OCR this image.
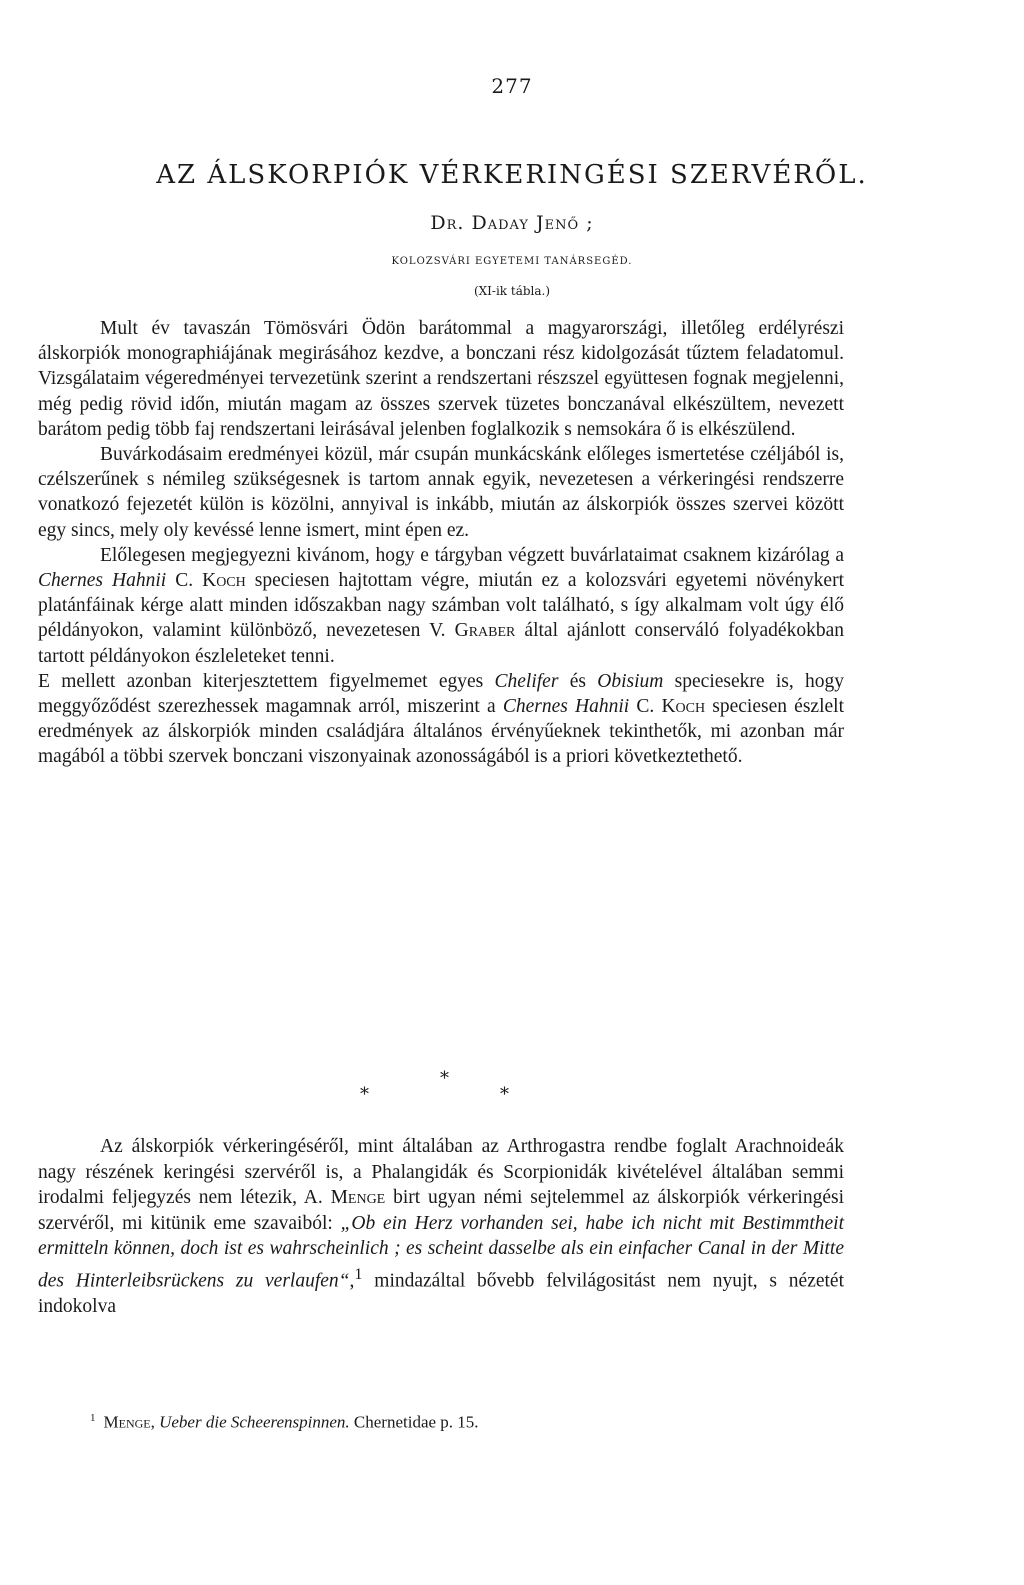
277
AZ ÁLSKORPIÓK VÉRKERINGÉSI SZERVÉRŐL.
Dr. Daday Jenő ;
KOLOZSVÁRI EGYETEMI TANÁRSEGÉD.
(XI-ik tábla.)

Mult év tavaszán Tömösvári Ödön barátommal a magyarországi, illetőleg erdélyrészi álskorpiók monographiájának megirásához kezdve, a bonczani rész kidolgozását tűztem feladatomul. Vizsgálataim végeredményei tervezetünk szerint a rendszertani részszel együttesen fognak megjelenni, még pedig rövid időn, miután magam az összes szervek tüzetes bonczanával elkészültem, nevezett barátom pedig több faj rendszertani leirásával jelenben foglalkozik s nemsokára ő is elkészülend.

Buvárkodásaim eredményei közül, már csupán munkácskánk előleges ismertetése czéljából is, czélszerűnek s némileg szükségesnek is tartom annak egyik, nevezetesen a vérkeringési rendszerre vonatkozó fejezetét külön is közölni, annyival is inkább, miután az álskorpiók összes szervei között egy sincs, mely oly kevéssé lenne ismert, mint épen ez.

Előlegesen megjegyezni kivánom, hogy e tárgyban végzett buvárlataimat csaknem kizárólag a Chernes Hahnii C. Koch speciesen hajtottam végre, miután ez a kolozsvári egyetemi növénykert platánfáinak kérge alatt minden időszakban nagy számban volt található, s így alkalmam volt úgy élő példányokon, valamint különböző, nevezetesen V. Graber által ajánlott conserváló folyadékokban tartott példányokon észleleteket tenni.

E mellett azonban kiterjesztettem figyelmemet egyes Chelifer és Obisium speciesekre is, hogy meggyőződést szerezhessek magamnak arról, miszerint a Chernes Hahnii C. Koch speciesen észlelt eredmények az álskorpiók minden családjára általános érvényűeknek tekinthetők, mi azonban már magából a többi szervek bonczani viszonyainak azonosságából is a priori következtethető.

*
*	*

Az álskorpiók vérkeringéséről, mint általában az Arthrogastra rendbe foglalt Arachnoideák nagy részének keringési szervéről is, a Phalangidák és Scorpionidák kivételével általában semmi irodalmi feljegyzés nem létezik, A. Menge birt ugyan némi sejtelemmel az álskorpiók vérkeringési szervéről, mi kitünik eme szavaiból: „Ob ein Herz vorhanden sei, habe ich nicht mit Bestimmtheit ermitteln können, doch ist es wahrscheinlich ; es scheint dasselbe als ein einfacher Canal in der Mitte des Hinterleibsrückens zu verlaufen“,$^1$ mindazáltal bővebb felvilágositást nem nyujt, s nézetét indokolva

$^1$ Menge, Ueber die Scheerenspinnen. Chernetidae p. 15.
